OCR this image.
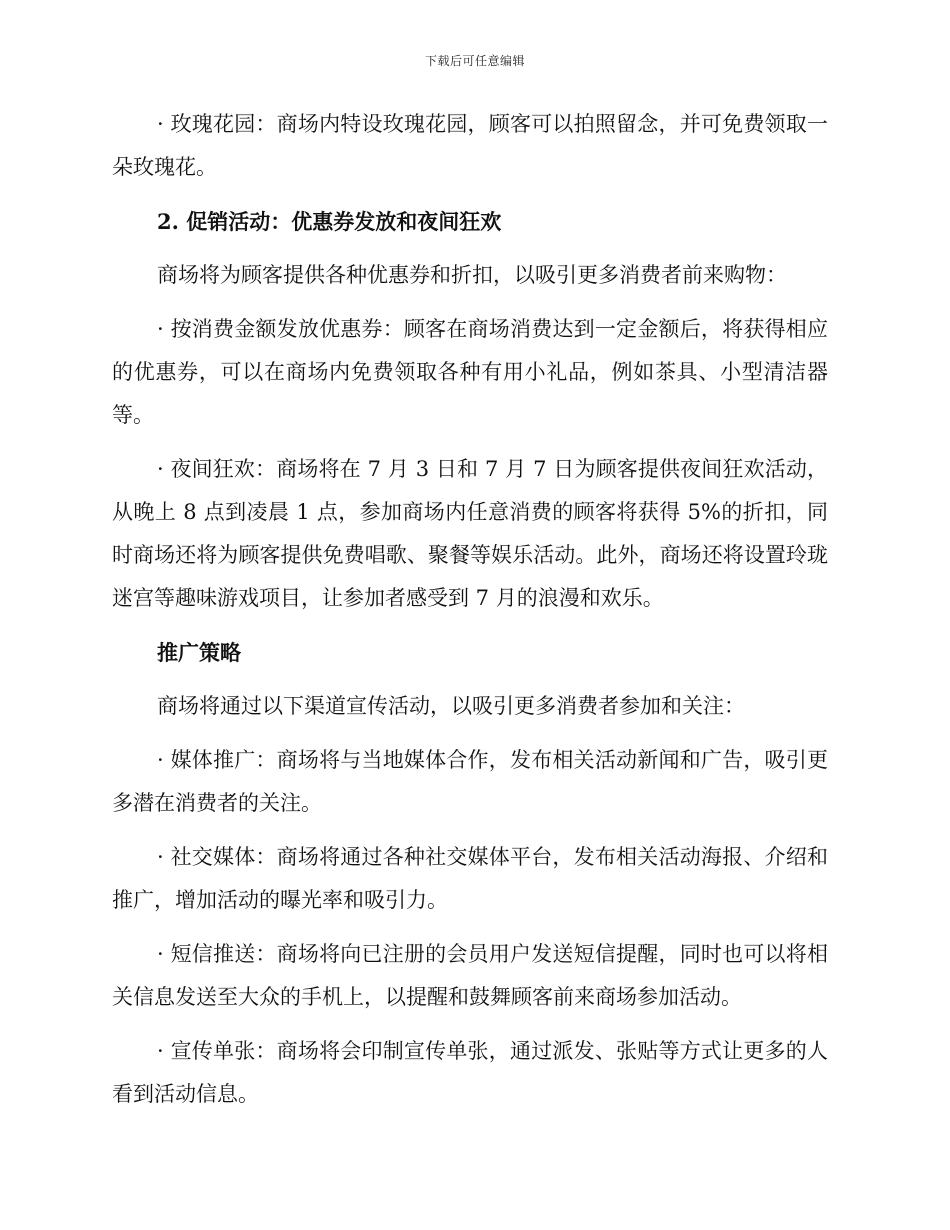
下载后可任意编辑

· 玫瑰花园：商场内特设玫瑰花园，顾客可以拍照留念，并可免费领取一朵玫瑰花。

2. 促销活动：优惠券发放和夜间狂欢

商场将为顾客提供各种优惠券和折扣，以吸引更多消费者前来购物：

· 按消费金额发放优惠券：顾客在商场消费达到一定金额后，将获得相应的优惠券，可以在商场内免费领取各种有用小礼品，例如茶具、小型清洁器等。

· 夜间狂欢：商场将在 7 月 3 日和 7 月 7 日为顾客提供夜间狂欢活动，从晚上 8 点到凌晨 1 点，参加商场内任意消费的顾客将获得 5%的折扣，同时商场还将为顾客提供免费唱歌、聚餐等娱乐活动。此外，商场还将设置玲珑迷宫等趣味游戏项目，让参加者感受到 7 月的浪漫和欢乐。

推广策略

商场将通过以下渠道宣传活动，以吸引更多消费者参加和关注：

· 媒体推广：商场将与当地媒体合作，发布相关活动新闻和广告，吸引更多潜在消费者的关注。

· 社交媒体：商场将通过各种社交媒体平台，发布相关活动海报、介绍和推广，增加活动的曝光率和吸引力。

· 短信推送：商场将向已注册的会员用户发送短信提醒，同时也可以将相关信息发送至大众的手机上，以提醒和鼓舞顾客前来商场参加活动。

· 宣传单张：商场将会印制宣传单张，通过派发、张贴等方式让更多的人看到活动信息。
